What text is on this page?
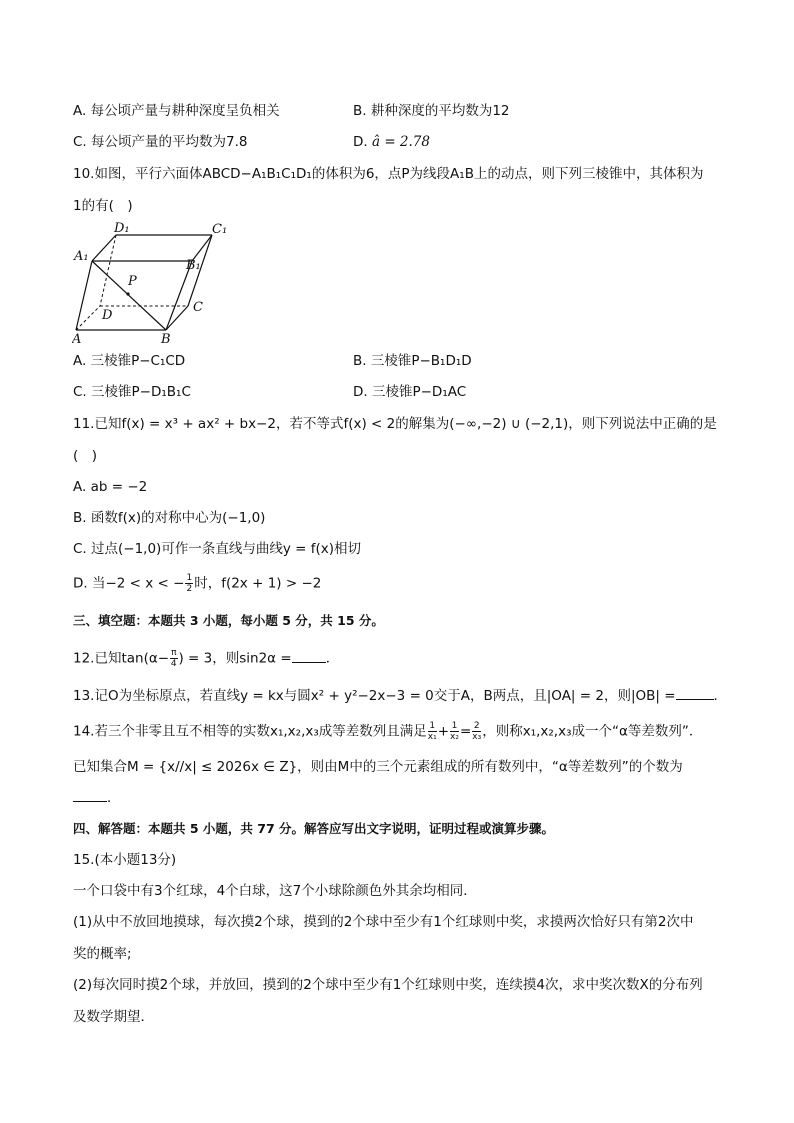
A. 每公顷产量与耕种深度呈负相关	B. 耕种深度的平均数为12
C. 每公顷产量的平均数为7.8	D. â = 2.78
10.如图，平行六面体ABCD−A₁B₁C₁D₁的体积为6，点P为线段A₁B上的动点，则下列三棱锥中，其体积为
1的有(　)
D₁	C₁
A₁
B₁
P
D
C
A	B
A. 三棱锥P−C₁CD	B. 三棱锥P−B₁D₁D
C. 三棱锥P−D₁B₁C	D. 三棱锥P−D₁AC
11.已知f(x) = x³ + ax² + bx−2，若不等式f(x) < 2的解集为(−∞,−2) ∪ (−2,1)，则下列说法中正确的是
(　)
A. ab = −2
B. 函数f(x)的对称中心为(−1,0)
C. 过点(−1,0)可作一条直线与曲线y = f(x)相切
D. 当−2 < x < − $\frac{1}{2}$ 时，f(2x + 1) > −2
三、填空题：本题共 3 小题，每小题 5 分，共 15 分。
12.已知$\tan(\alpha- \frac{\pi}{4}$ ) = 3，则sin2α =	．
13.记O为坐标原点，若直线y = kx与圆x² + y²−2x−3 = 0交于A，B两点，且|OA| = 2，则|OB| =	．
14.若三个非零且互不相等的实数x₁,x₂,x₃成等差数列且满足 $\frac{1}{\text{x₁}} + \frac{1}{\text{x₂}} = \frac{2}{\text{x₃}}$ ，则称x₁,x₂,x₃成一个“α等差数列”．
已知集合M = {x//x| ≤ 2026x ∈ Z}，则由M中的三个元素组成的所有数列中，“α等差数列”的个数为
．
四、解答题：本题共 5 小题，共 77 分。解答应写出文字说明，证明过程或演算步骤。
15.(本小题13分)
一个口袋中有3个红球，4个白球，这7个小球除颜色外其余均相同．
(1)从中不放回地摸球，每次摸2个球，摸到的2个球中至少有1个红球则中奖，求摸两次恰好只有第2次中
奖的概率;
(2)每次同时摸2个球，并放回，摸到的2个球中至少有1个红球则中奖，连续摸4次，求中奖次数X的分布列
及数学期望．
